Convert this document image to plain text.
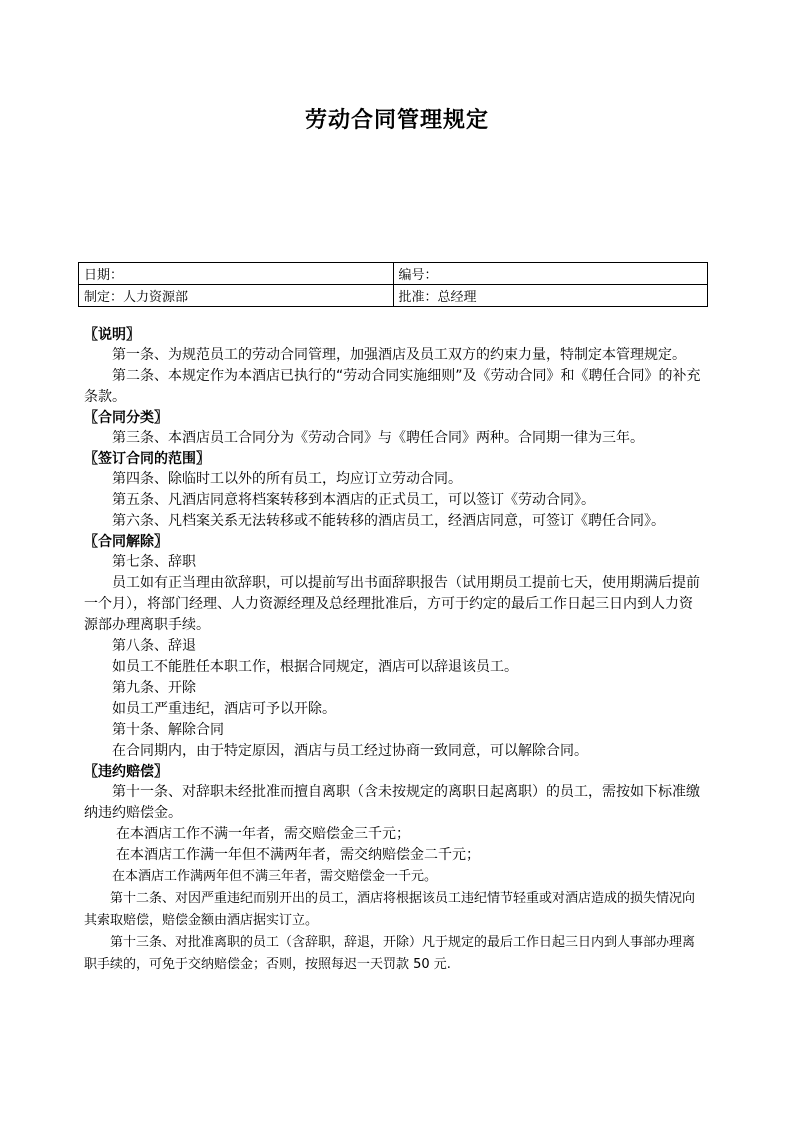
劳动合同管理规定
日期：	编号：
制定：人力资源部	批准：总经理
〖说明〗
第一条、为规范员工的劳动合同管理，加强酒店及员工双方的约束力量，特制定本管理规定。
第二条、本规定作为本酒店已执行的“劳动合同实施细则”及《劳动合同》和《聘任合同》的补充条款。
〖合同分类〗
第三条、本酒店员工合同分为《劳动合同》与《聘任合同》两种。合同期一律为三年。
〖签订合同的范围〗
第四条、除临时工以外的所有员工，均应订立劳动合同。
第五条、凡酒店同意将档案转移到本酒店的正式员工，可以签订《劳动合同》。
第六条、凡档案关系无法转移或不能转移的酒店员工，经酒店同意，可签订《聘任合同》。
〖合同解除〗
第七条、辞职
员工如有正当理由欲辞职，可以提前写出书面辞职报告（试用期员工提前七天，使用期满后提前一个月），将部门经理、人力资源经理及总经理批准后，方可于约定的最后工作日起三日内到人力资源部办理离职手续。
第八条、辞退
如员工不能胜任本职工作，根据合同规定，酒店可以辞退该员工。
第九条、开除
如员工严重违纪，酒店可予以开除。
第十条、解除合同
在合同期内，由于特定原因，酒店与员工经过协商一致同意，可以解除合同。
〖违约赔偿〗
第十一条、对辞职未经批准而擅自离职（含未按规定的离职日起离职）的员工，需按如下标准缴纳违约赔偿金。
在本酒店工作不满一年者，需交赔偿金三千元；
在本酒店工作满一年但不满两年者，需交纳赔偿金二千元；
在本酒店工作满两年但不满三年者，需交赔偿金一千元。
第十二条、对因严重违纪而别开出的员工，酒店将根据该员工违纪情节轻重或对酒店造成的损失情况向其索取赔偿，赔偿金额由酒店据实订立。
第十三条、对批准离职的员工（含辞职，辞退，开除）凡于规定的最后工作日起三日内到人事部办理离职手续的，可免于交纳赔偿金；否则，按照每迟一天罚款 50 元.
